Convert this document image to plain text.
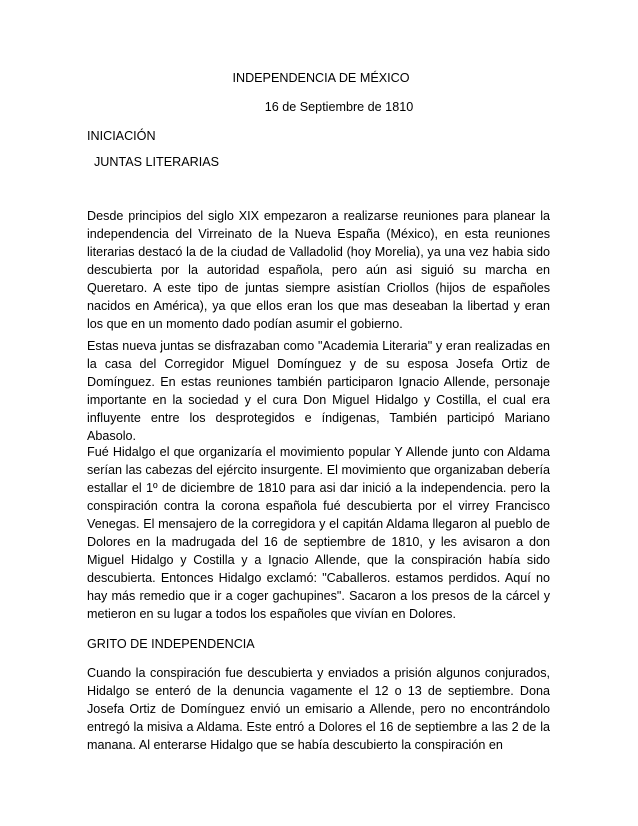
INDEPENDENCIA DE MÉXICO
16 de Septiembre de 1810
INICIACIÓN
JUNTAS LITERARIAS
Desde principios del siglo XIX empezaron a realizarse reuniones para planear la independencia del Virreinato de la Nueva España (México), en esta reuniones literarias destacó la de la ciudad de Valladolid (hoy Morelia), ya una vez habia sido descubierta por la autoridad española, pero aún asi siguió su marcha en Queretaro. A este tipo de juntas siempre asistían Criollos (hijos de españoles nacidos en América), ya que ellos eran los que mas deseaban la libertad y eran los que en un momento dado podían asumir el gobierno.
Estas nueva juntas se disfrazaban como "Academia Literaria" y eran realizadas en la casa del Corregidor Miguel Domínguez y de su esposa Josefa Ortiz de Domínguez. En estas reuniones también participaron Ignacio Allende, personaje importante en la sociedad y el cura Don Miguel Hidalgo y Costilla, el cual era influyente entre los desprotegidos e índigenas, También participó Mariano Abasolo.
Fué Hidalgo el que organizaría el movimiento popular Y Allende junto con Aldama serían las cabezas del ejército insurgente. El movimiento que organizaban debería estallar el 1º de diciembre de 1810 para asi dar inició a la independencia. pero la conspiración contra la corona española fué descubierta por el virrey Francisco Venegas. El mensajero de la corregidora y el capitán Aldama llegaron al pueblo de Dolores en la madrugada del 16 de septiembre de 1810, y les avisaron a don Miguel Hidalgo y Costilla y a Ignacio Allende, que la conspiración había sido descubierta. Entonces Hidalgo exclamó: "Caballeros. estamos perdidos. Aquí no hay más remedio que ir a coger gachupines". Sacaron a los presos de la cárcel y metieron en su lugar a todos los españoles que vivían en Dolores.
GRITO DE INDEPENDENCIA
Cuando la conspiración fue descubierta y enviados a prisión algunos conjurados, Hidalgo se enteró de la denuncia vagamente el 12 o 13 de septiembre. Dona Josefa Ortiz de Domínguez envió un emisario a Allende, pero no encontrándolo entregó la misiva a Aldama. Este entró a Dolores el 16 de septiembre a las 2 de la manana. Al enterarse Hidalgo que se había descubierto la conspiración en
